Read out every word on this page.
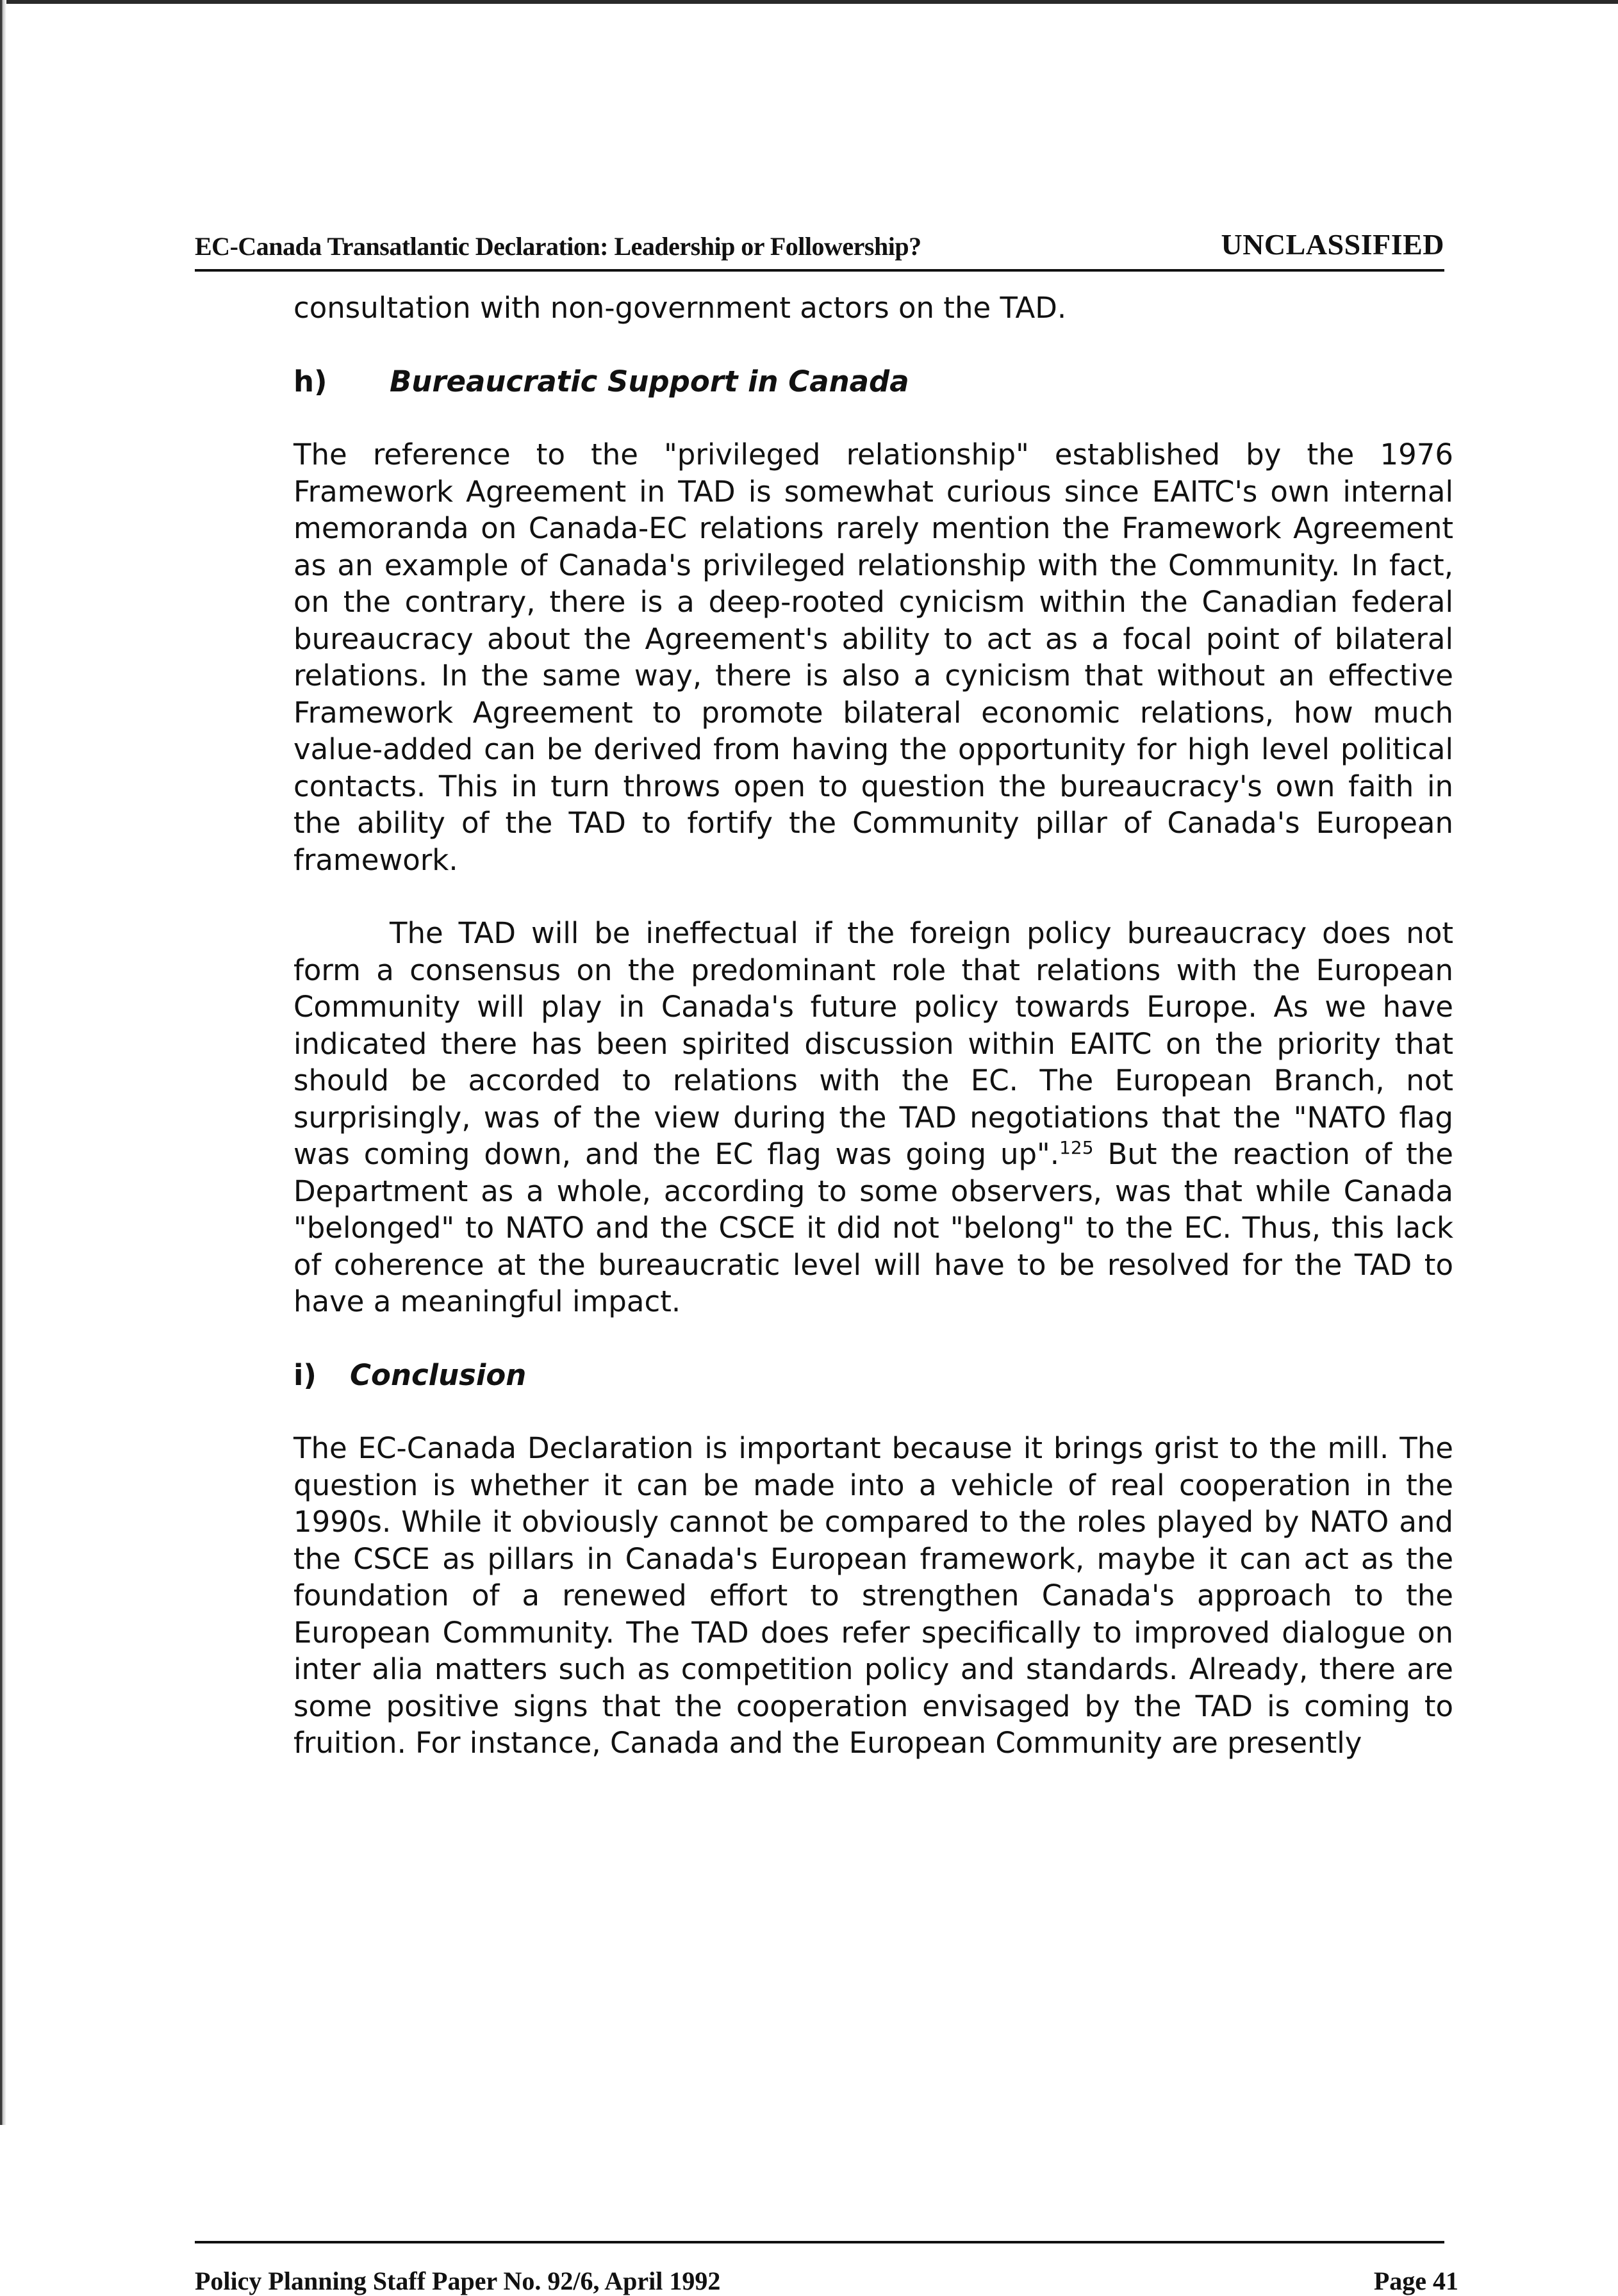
EC-Canada Transatlantic Declaration: Leadership or Followership?	UNCLASSIFIED

consultation with non-government actors on the TAD.

h) Bureaucratic Support in Canada

The reference to the "privileged relationship" established by the 1976 Framework Agreement in TAD is somewhat curious since EAITC's own internal memoranda on Canada-EC relations rarely mention the Framework Agreement as an example of Canada's privileged relationship with the Community. In fact, on the contrary, there is a deep-rooted cynicism within the Canadian federal bureaucracy about the Agreement's ability to act as a focal point of bilateral relations. In the same way, there is also a cynicism that without an effective Framework Agreement to promote bilateral economic relations, how much value-added can be derived from having the opportunity for high level political contacts. This in turn throws open to question the bureaucracy's own faith in the ability of the TAD to fortify the Community pillar of Canada's European framework.

The TAD will be ineffectual if the foreign policy bureaucracy does not form a consensus on the predominant role that relations with the European Community will play in Canada's future policy towards Europe. As we have indicated there has been spirited discussion within EAITC on the priority that should be accorded to relations with the EC. The European Branch, not surprisingly, was of the view during the TAD negotiations that the "NATO flag was coming down, and the EC flag was going up".$^{125}$ But the reaction of the Department as a whole, according to some observers, was that while Canada "belonged" to NATO and the CSCE it did not "belong" to the EC. Thus, this lack of coherence at the bureaucratic level will have to be resolved for the TAD to have a meaningful impact.

i) Conclusion

The EC-Canada Declaration is important because it brings grist to the mill. The question is whether it can be made into a vehicle of real cooperation in the 1990s. While it obviously cannot be compared to the roles played by NATO and the CSCE as pillars in Canada's European framework, maybe it can act as the foundation of a renewed effort to strengthen Canada's approach to the European Community. The TAD does refer specifically to improved dialogue on inter alia matters such as competition policy and standards. Already, there are some positive signs that the cooperation envisaged by the TAD is coming to fruition. For instance, Canada and the European Community are presently

Policy Planning Staff Paper No. 92/6, April 1992	Page 41
